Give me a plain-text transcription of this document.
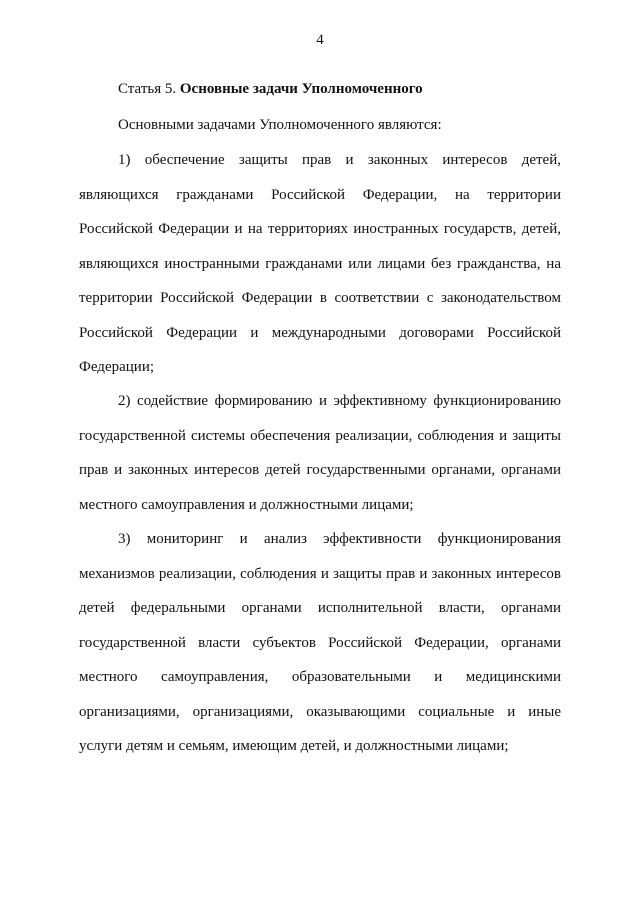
4
Статья 5. Основные задачи Уполномоченного
Основными задачами Уполномоченного являются:
1) обеспечение защиты прав и законных интересов детей, являющихся гражданами Российской Федерации, на территории Российской Федерации и на территориях иностранных государств, детей, являющихся иностранными гражданами или лицами без гражданства, на территории Российской Федерации в соответствии с законодательством Российской Федерации и международными договорами Российской Федерации;
2) содействие формированию и эффективному функционированию государственной системы обеспечения реализации, соблюдения и защиты прав и законных интересов детей государственными органами, органами местного самоуправления и должностными лицами;
3) мониторинг и анализ эффективности функционирования механизмов реализации, соблюдения и защиты прав и законных интересов детей федеральными органами исполнительной власти, органами государственной власти субъектов Российской Федерации, органами местного самоуправления, образовательными и медицинскими организациями, организациями, оказывающими социальные и иные услуги детям и семьям, имеющим детей, и должностными лицами;
